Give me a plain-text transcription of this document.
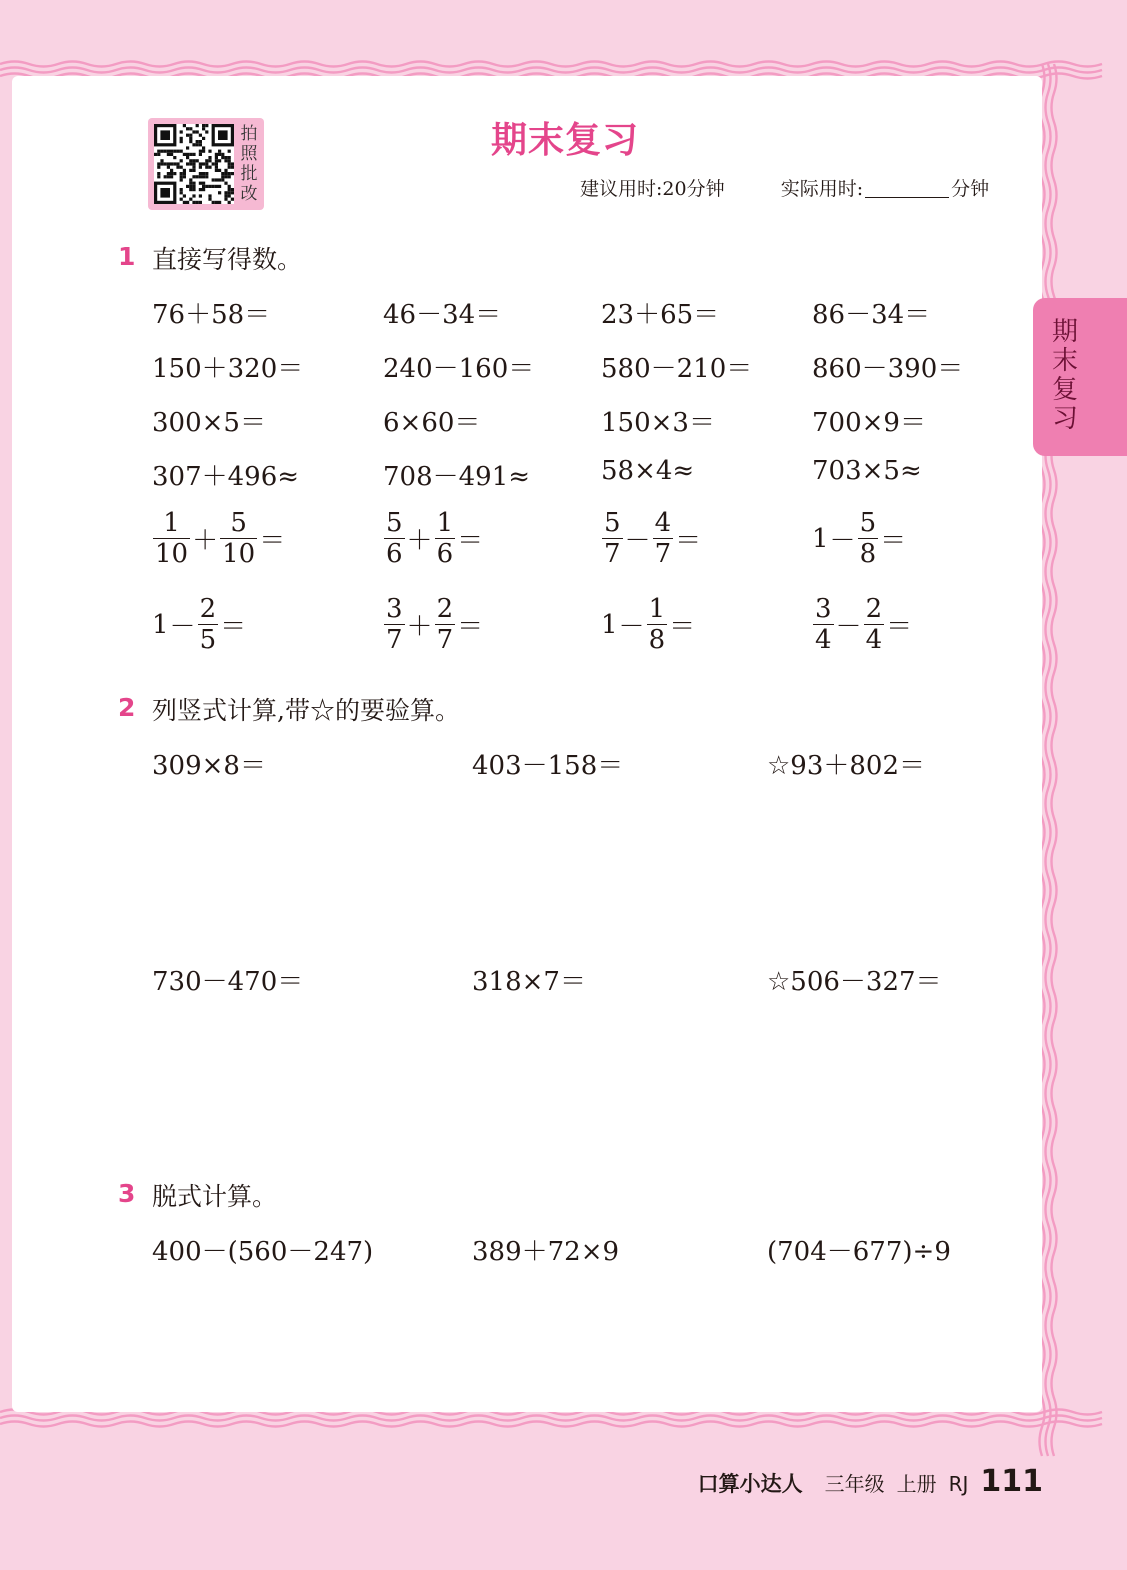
拍
照
批
改
期末复习
建议用时:20分钟	实际用时:	分钟
期
末
复
习
1 直接写得数。
76＋58＝	46－34＝	23＋65＝	86－34＝
150＋320＝	240－160＝	580－210＝ 860－390＝
300×5＝	6×60＝	150×3＝	700×9＝
307＋496≈	708－491≈	58×4≈	703×5≈
$\frac{1}{10} + \frac{5}{10}$ ＝	$\frac{5}{6} + \frac{1}{6}$ ＝	$\frac{5}{7} - \frac{4}{7}$ ＝	$1 - \frac{5}{8}$ ＝
$1 - \frac{2}{5}$ ＝	$\frac{3}{7} + \frac{2}{7}$ ＝	$1 - \frac{1}{8}$ ＝	$\frac{3}{4} - \frac{2}{4}$ ＝
2 列竖式计算,带☆的要验算。
309×8＝	403－158＝	☆93＋802＝
730－470＝	318×7＝	☆506－327＝
3 脱式计算。
400－(560－247)	389＋72×9	(704－677)÷9
口算小达人 三年级 上册 RJ 111
